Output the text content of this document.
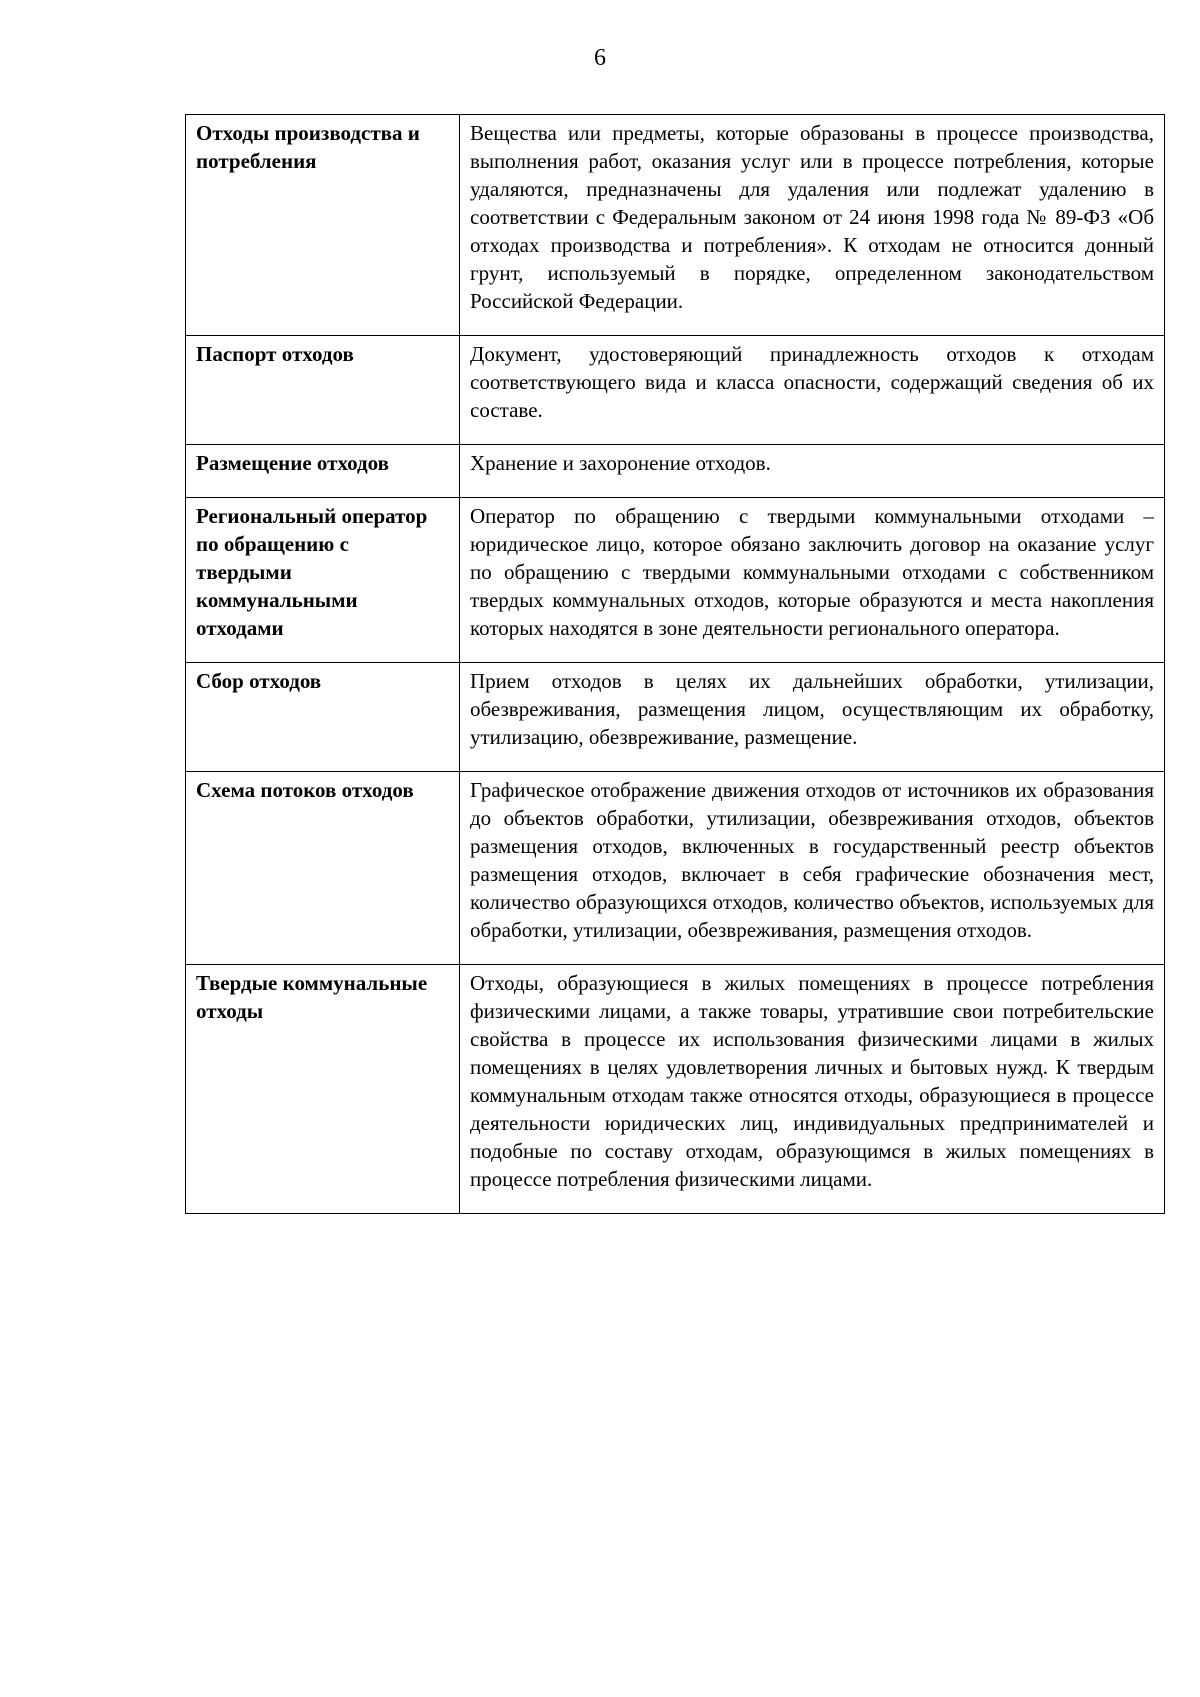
6
Отходы производства и потребления	Вещества или предметы, которые образованы в процессе производства, выполнения работ, оказания услуг или в процессе потребления, которые удаляются, предназначены для удаления или подлежат удалению в соответствии с Федеральным законом от 24 июня 1998 года № 89-ФЗ «Об отходах производства и потребления». К отходам не относится донный грунт, используемый в порядке, определенном законодательством Российской Федерации.
Паспорт отходов	Документ, удостоверяющий принадлежность отходов к отходам соответствующего вида и класса опасности, содержащий сведения об их составе.
Размещение отходов	Хранение и захоронение отходов.
Региональный оператор по обращению с твердыми коммунальными отходами	Оператор по обращению с твердыми коммунальными отходами – юридическое лицо, которое обязано заключить договор на оказание услуг по обращению с твердыми коммунальными отходами с собственником твердых коммунальных отходов, которые образуются и места накопления которых находятся в зоне деятельности регионального оператора.
Сбор отходов	Прием отходов в целях их дальнейших обработки, утилизации, обезвреживания, размещения лицом, осуществляющим их обработку, утилизацию, обезвреживание, размещение.
Схема потоков отходов	Графическое отображение движения отходов от источников их образования до объектов обработки, утилизации, обезвреживания отходов, объектов размещения отходов, включенных в государственный реестр объектов размещения отходов, включает в себя графические обозначения мест, количество образующихся отходов, количество объектов, используемых для обработки, утилизации, обезвреживания, размещения отходов.
Твердые коммунальные отходы	Отходы, образующиеся в жилых помещениях в процессе потребления физическими лицами, а также товары, утратившие свои потребительские свойства в процессе их использования физическими лицами в жилых помещениях в целях удовлетворения личных и бытовых нужд. К твердым коммунальным отходам также относятся отходы, образующиеся в процессе деятельности юридических лиц, индивидуальных предпринимателей и подобные по составу отходам, образующимся в жилых помещениях в процессе потребления физическими лицами.
